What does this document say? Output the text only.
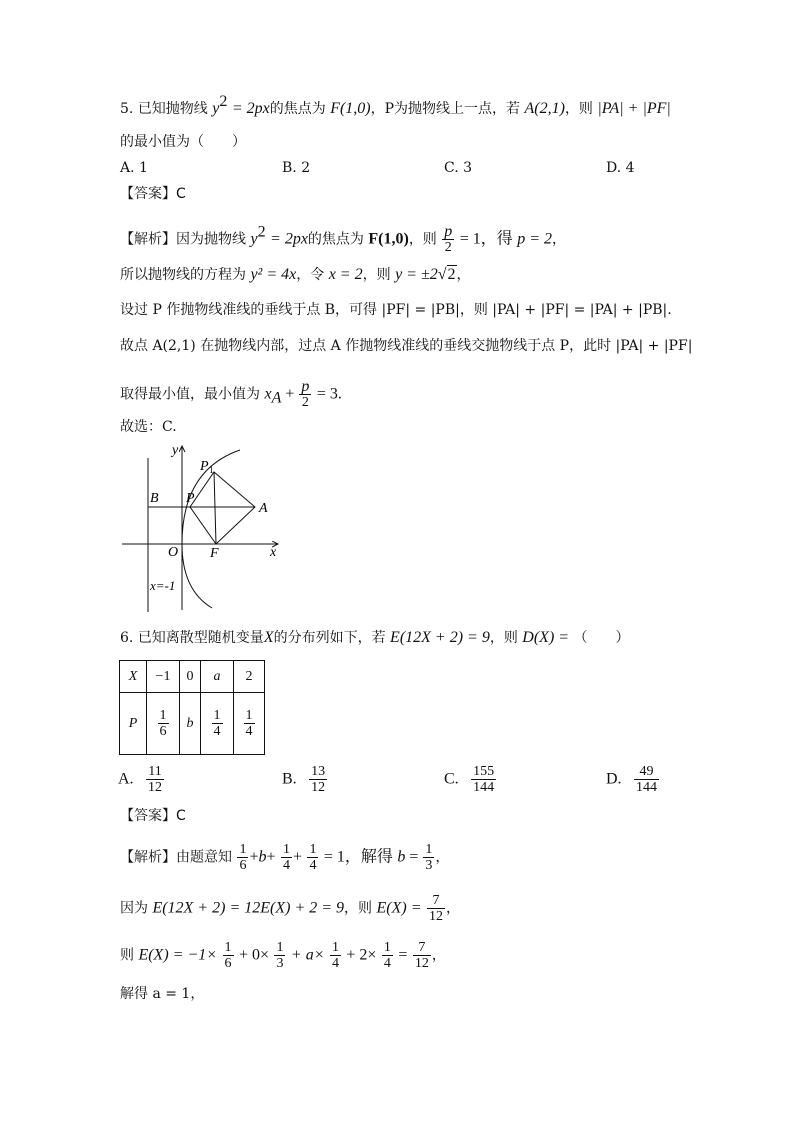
5. 已知抛物线 $y^2 = 2px$的焦点为 F(1,0)，P为抛物线上一点，若 A(2,1)，则 |PA| + |PF|
的最小值为（　　）
A. 1	B. 2	C. 3	D. 4
【答案】C
【解析】因为抛物线 $y^2 = 2px$的焦点为 F(1,0)，则 $\frac{p}{2} = 1$，得 p = 2，
所以抛物线的方程为 y² = 4x，令 x = 2，则 y = ±2√2，
设过 P 作抛物线准线的垂线于点 B，可得 |PF| = |PB|，则 |PA| + |PF| = |PA| + |PB|.
故点 A(2,1) 在抛物线内部，过点 A 作抛物线准线的垂线交抛物线于点 P，此时 |PA| + |PF|
取得最小值，最小值为 $x_A + \frac{p}{2} = 3$.
故选：C.
y
x
O
P 1
P
B
A
F
x=-1
6. 已知离散型随机变量X的分布列如下，若 E(12X + 2) = 9，则 D(X) = （　　）
X	−1	0	a	2
P	$\frac{1}{6}$	b	$\frac{1}{4}$	$\frac{1}{4}$
A. $\frac{11}{12}$	B. $\frac{13}{12}$	C. $\frac{155}{144}$	D. $\frac{49}{144}$
【答案】C
【解析】由题意知 $\frac{1}{6} +b+ \frac{1}{4} + \frac{1}{4} = 1$，解得 $b = \frac{1}{3}$ ，
因为 E(12X + 2) = 12E(X) + 2 = 9，则 $E(X) = \frac{7}{12}$ ，
则 $E(X) = -1\times \frac{1}{6} + 0\times \frac{1}{3} + a\times \frac{1}{4} + 2\times \frac{1}{4} = \frac{7}{12}$ ，
解得 a = 1，
